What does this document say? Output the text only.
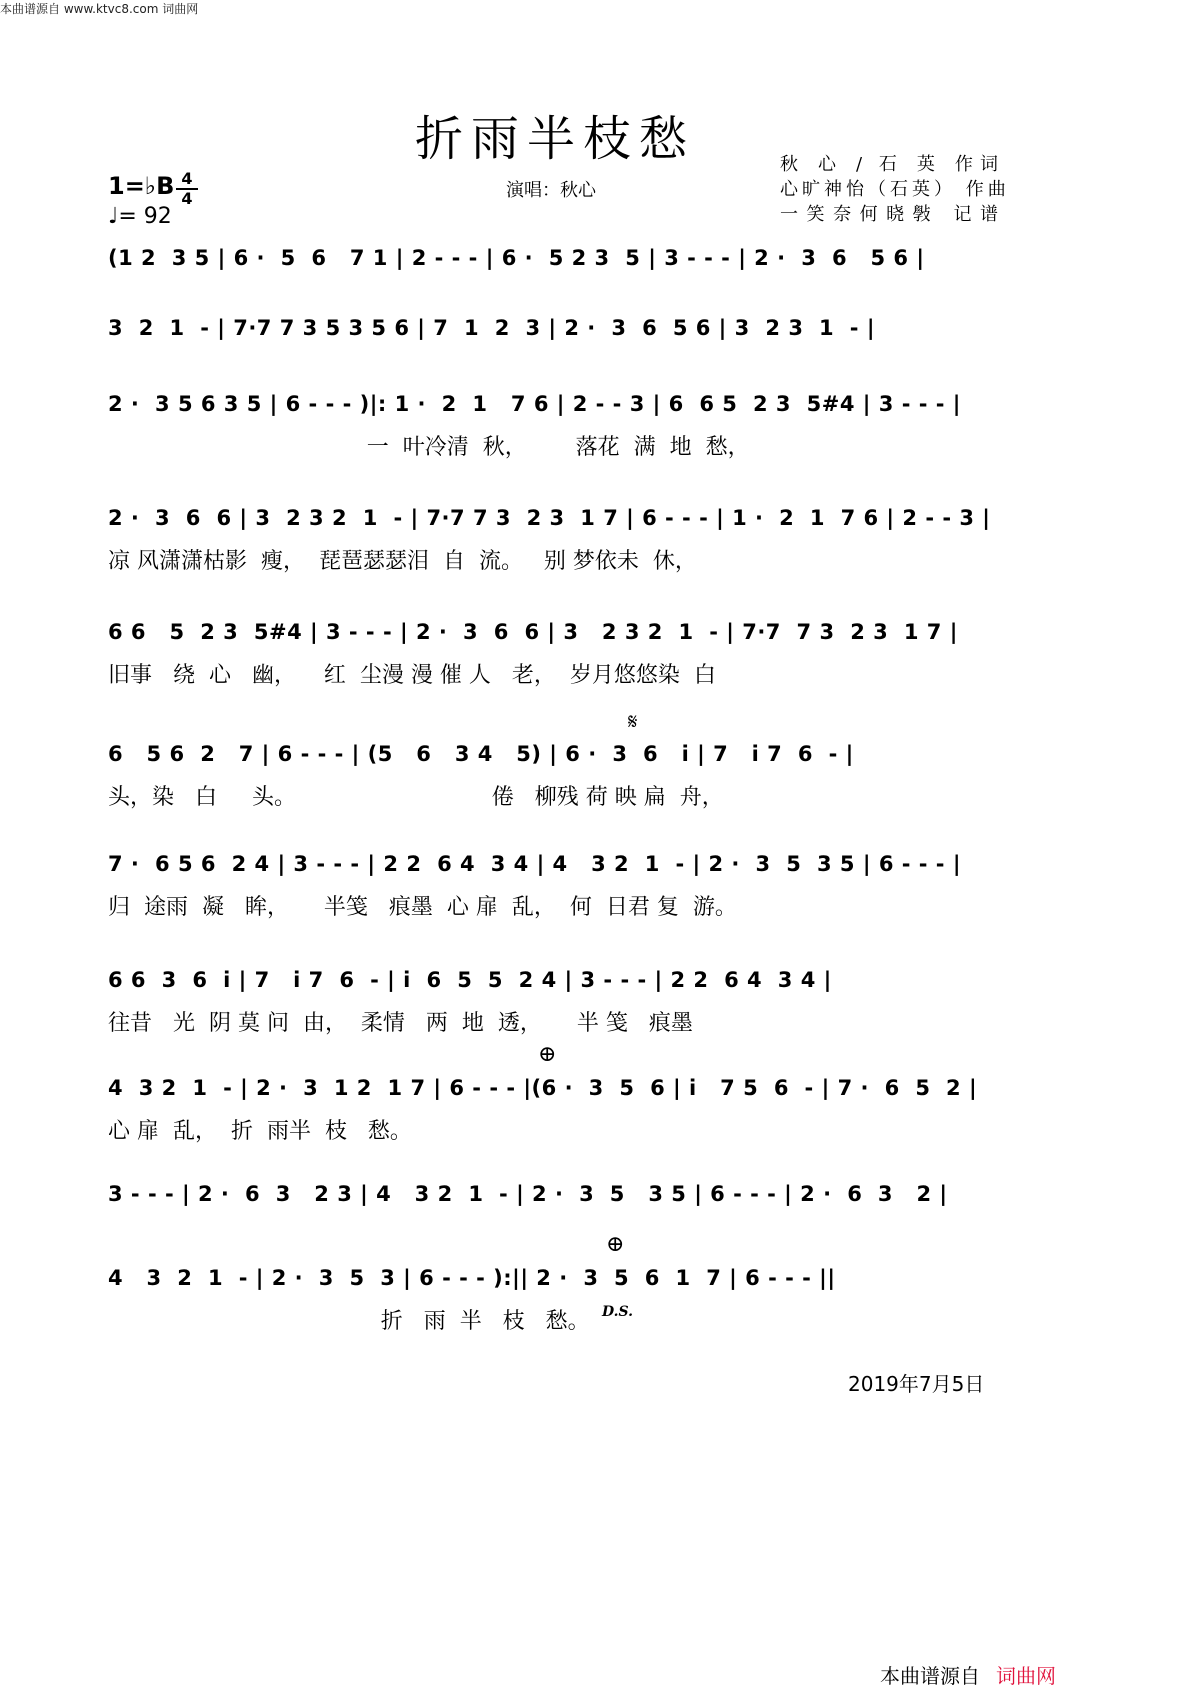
本曲谱源自 www.ktvc8.com 词曲网
折雨半枝愁
1=♭B 4
4
♩= 92
演唱：秋心
秋 心 / 石 英 作词
心旷神怡（石英） 作曲
一笑奈何晓斅 记谱
(1 2  3 5 | 6 ·  5  6   7 1 | 2 - - - | 6 ·  5 2 3  5 | 3 - - - | 2 ·  3  6   5 6 |
3  2  1  - | 7·7 7 3 5 3 5 6 | 7  1  2  3 | 2 ·  3  6  5 6 | 3  2 3  1  - |
2 ·  3 5 6 3 5 | 6 - - - )|: 1 ·  2  1   7 6 | 2 - - 3 | 6  6 5  2 3  5#4 | 3 - - - |
一  叶冷清  秋，       落花  满  地  愁，
2 ·  3  6  6 | 3  2 3 2  1  - | 7·7 7 3  2 3  1 7 | 6 - - - | 1 ·  2  1  7 6 | 2 - - 3 |
凉 风潇潇枯影  瘦，  琵琶瑟瑟泪  自  流。   别 梦依未  休，
6 6   5  2 3  5#4 | 3 - - - | 2 ·  3  6  6 | 3   2 3 2  1  - | 7·7  7 3  2 3  1 7 |
旧事   绕  心   幽，    红  尘漫 漫 催 人   老，  岁月悠悠染  白
𝄋
6   5 6  2   7 | 6 - - - | (5   6   3 4   5) | 6 ·  3  6   i | 7   i 7  6  - |
头，染   白     头。                            倦   柳残 荷 映 扁  舟，
7 ·  6 5 6  2 4 | 3 - - - | 2 2  6 4  3 4 | 4   3 2  1  - | 2 ·  3  5  3 5 | 6 - - - |
归  途雨  凝   眸，     半笺   痕墨  心 扉  乱，  何  日君 复  游。
6 6  3  6  i | 7   i 7  6  - | i  6  5  5  2 4 | 3 - - - | 2 2  6 4  3 4 |
往昔   光  阴 莫 问  由，  柔情   两  地  透，     半 笺   痕墨
⊕
4  3 2  1  - | 2 ·  3  1 2  1 7 | 6 - - - |(6 ·  3  5  6 | i   7 5  6  - | 7 ·  6  5  2 |
心 扉  乱，  折  雨半  枝   愁。
3 - - - | 2 ·  6  3   2 3 | 4   3 2  1  - | 2 ·  3  5   3 5 | 6 - - - | 2 ·  6  3   2 |
⊕
4   3  2  1  - | 2 ·  3  5  3 | 6 - - - ):|| 2 ·  3  5  6  1  7 | 6 - - - ||
D.S.
折   雨  半   枝   愁。
2019年7月5日
本曲谱源自 词曲网
